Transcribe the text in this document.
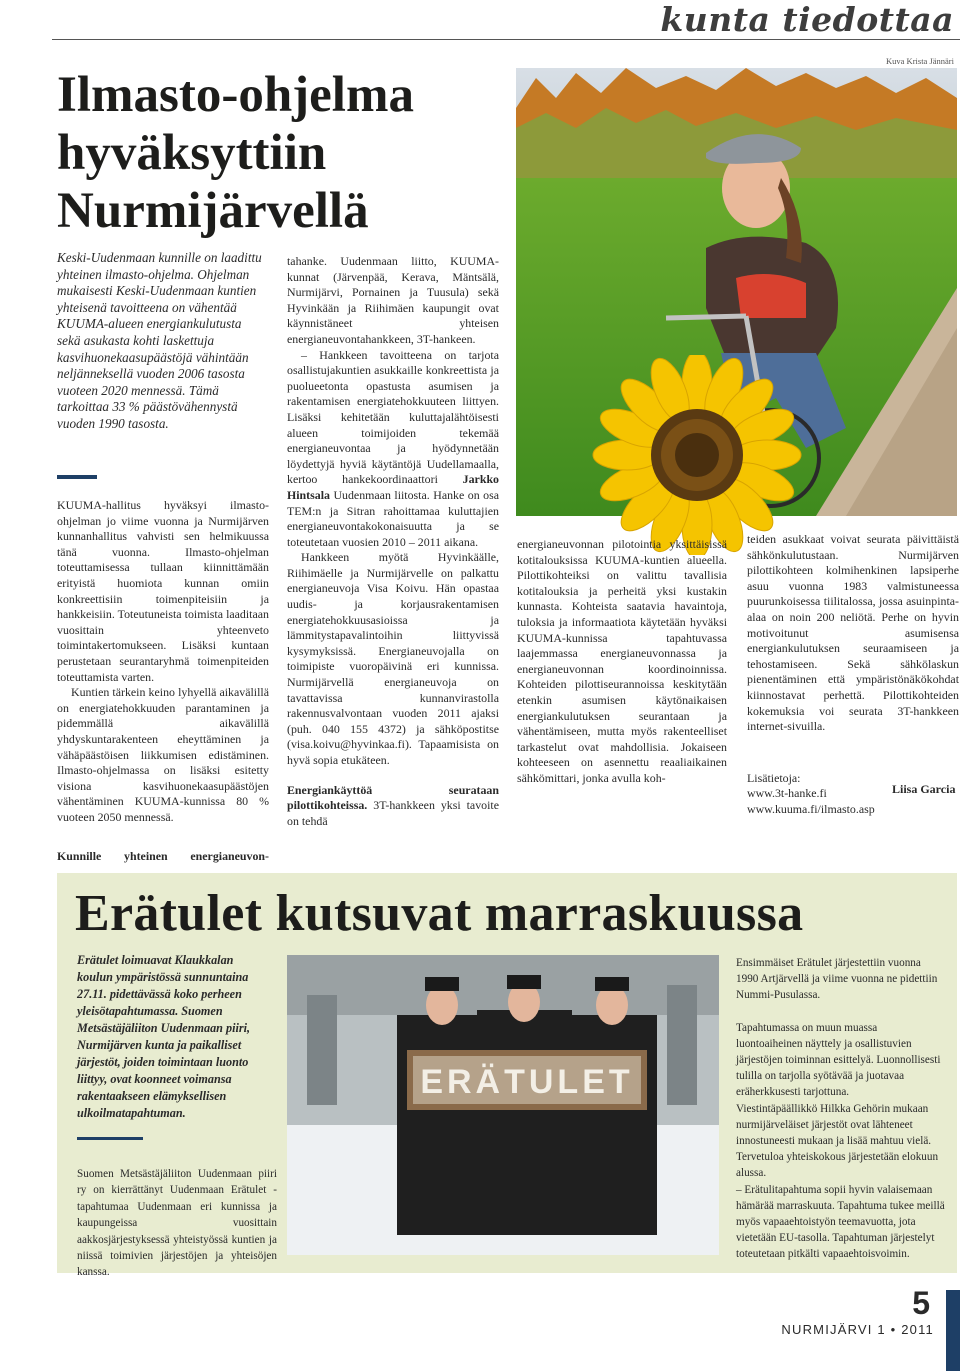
kunta tiedottaa
Kuva Krista Jännäri
Ilmasto-ohjelma
hyväksyttiin
Nurmijärvellä
Keski-Uudenmaan kunnille on laadittu yhteinen ilmasto-ohjelma. Ohjelman mukaisesti Keski-Uudenmaan kuntien yhteisenä tavoitteena on vähentää KUUMA-alueen energiankulutusta sekä asukasta kohti laskettuja kasvihuonekaasupäästöjä vähintään neljänneksellä vuoden 2006 tasosta vuoteen 2020 mennessä. Tämä tarkoittaa 33 % päästövähennystä vuoden 1990 tasosta.

KUUMA-hallitus hyväksyi ilmasto-ohjelman jo viime vuonna ja Nurmijärven kunnanhallitus vahvisti sen helmikuussa tänä vuonna. Ilmasto-ohjelman toteuttamisessa tullaan kiinnittämään erityistä huomiota kunnan omiin konkreettisiin toimenpiteisiin ja hankkeisiin. Toteutuneista toimista laaditaan vuosittain yhteenveto toimintakertomukseen. Lisäksi kuntaan perustetaan seurantaryhmä toimenpiteiden toteuttamista varten.

Kuntien tärkein keino lyhyellä aikavälillä on energiatehokkuuden parantaminen ja pidemmällä aikavälillä yhdyskuntarakenteen eheyttäminen ja vähäpäästöisen liikkumisen edistäminen. Ilmasto-ohjelmassa on lisäksi esitetty visiona kasvihuonekaasupäästöjen vähentäminen KUUMA-kunnissa 80 % vuoteen 2050 mennessä.

Kunnille yhteinen energianeuvon-

tahanke. Uudenmaan liitto, KUUMA-kunnat (Järvenpää, Kerava, Mäntsälä, Nurmijärvi, Pornainen ja Tuusula) sekä Hyvinkään ja Riihimäen kaupungit ovat käynnistäneet yhteisen energianeuvontahankkeen, 3T-hankeen.

– Hankkeen tavoitteena on tarjota osallistujakuntien asukkaille konkreettista ja puolueetonta opastusta asumisen ja rakentamisen energiatehokkuuteen liittyen. Lisäksi kehitetään kuluttajalähtöisesti alueen toimijoiden tekemää energianeuvontaa ja hyödynnetään löydettyjä hyviä käytäntöjä Uudellamaalla, kertoo hankekoordinaattori Jarkko Hintsala Uudenmaan liitosta. Hanke on osa TEM:n ja Sitran rahoittamaa kuluttajien energianeuvontakokonaisuutta ja se toteutetaan vuosien 2010 – 2011 aikana.

Hankkeen myötä Hyvinkäälle, Riihimäelle ja Nurmijärvelle on palkattu energianeuvoja Visa Koivu. Hän opastaa uudis- ja korjausrakentamisen energiatehokkuusasioissa ja lämmitystapavalintoihin liittyvissä kysymyksissä. Energianeuvojalla on toimipiste vuoropäivinä eri kunnissa. Nurmijärvellä energianeuvoja on tavattavissa kunnanvirastolla rakennusvalvontaan vuoden 2011 ajaksi (puh. 040 155 4372) ja sähköpostitse (visa.koivu@hyvinkaa.fi). Tapaamisista on hyvä sopia etukäteen.

Energiankäyttöä seurataan pilottikohteissa. 3T-hankkeen yksi tavoite on tehdä

energianeuvonnan pilotointia yksittäisissä kotitalouksissa KUUMA-kuntien alueella. Pilottikohteiksi on valittu tavallisia kotitalouksia ja perheitä yksi kustakin kunnasta. Kohteista saatavia havaintoja, tuloksia ja informaatiota käytetään hyväksi KUUMA-kunnissa tapahtuvassa laajemmassa energianeuvonnassa ja energianeuvonnan koordinoinnissa. Kohteiden pilottiseurannoissa keskitytään etenkin asumisen käytönaikaisen energiankulutuksen seurantaan ja vähentämiseen, mutta myös rakenteelliset tarkastelut ovat mahdollisia. Jokaiseen kohteeseen on asennettu reaaliaikainen sähkömittari, jonka avulla koh-

teiden asukkaat voivat seurata päivittäistä sähkönkulutustaan. Nurmijärven pilottikohteen kolmihenkinen lapsiperhe asuu vuonna 1983 valmistuneessa puurunkoisessa tiilitalossa, jossa asuinpinta-alaa on noin 200 neliötä. Perhe on hyvin motivoitunut asumisensa energiankulutuksen seuraamiseen ja tehostamiseen. Sekä sähkölaskun pienentäminen että ympäristönäkökohdat kiinnostavat perhettä. Pilottikohteiden kokemuksia voi seurata 3T-hankkeen internet-sivuilla.

Lisätietoja:

www.3t-hanke.fi

www.kuuma.fi/ilmasto.asp

Liisa Garcia
Erätulet kutsuvat marraskuussa
Erätulet loimuavat Klaukkalan koulun ympäristössä sunnuntaina 27.11. pidettävässä koko perheen yleisötapahtumassa. Suomen Metsästäjäliiton Uudenmaan piiri, Nurmijärven kunta ja paikalliset järjestöt, joiden toimintaan luonto liittyy, ovat koonneet voimansa rakentaakseen elämyksellisen ulkoilmatapahtuman.
Suomen Metsästäjäliiton Uudenmaan piiri ry on kierrättänyt Uudenmaan Erätulet -tapahtumaa Uudenmaan eri kunnissa ja kaupungeissa vuosittain aakkosjärjestyksessä yhteistyössä kuntien ja niissä toimivien järjestöjen ja yhteisöjen kanssa.
ERÄTULET

Ensimmäiset Erätulet järjestettiin vuonna 1990 Artjärvellä ja viime vuonna ne pidettiin Nummi-Pusulassa.

Tapahtumassa on muun muassa luontoaiheinen näyttely ja osallistuvien järjestöjen toiminnan esittelyä. Luonnollisesti tulilla on tarjolla syötävää ja juotavaa eräherkkusesti tarjottuna.

Viestintäpäällikkö Hilkka Gehörin mukaan nurmijärveläiset järjestöt ovat lähteneet innostuneesti mukaan ja lisää mahtuu vielä. Tervetuloa yhteiskokous järjestetään elokuun alussa.

– Erätulitapahtuma sopii hyvin valaisemaan hämärää marraskuuta. Tapahtuma tukee meillä myös vapaaehtoistyön teemavuotta, jota vietetään EU-tasolla. Tapahtuman järjestelyt toteutetaan pitkälti vapaaehtoisvoimin.

5
NURMIJÄRVI 1 • 2011
